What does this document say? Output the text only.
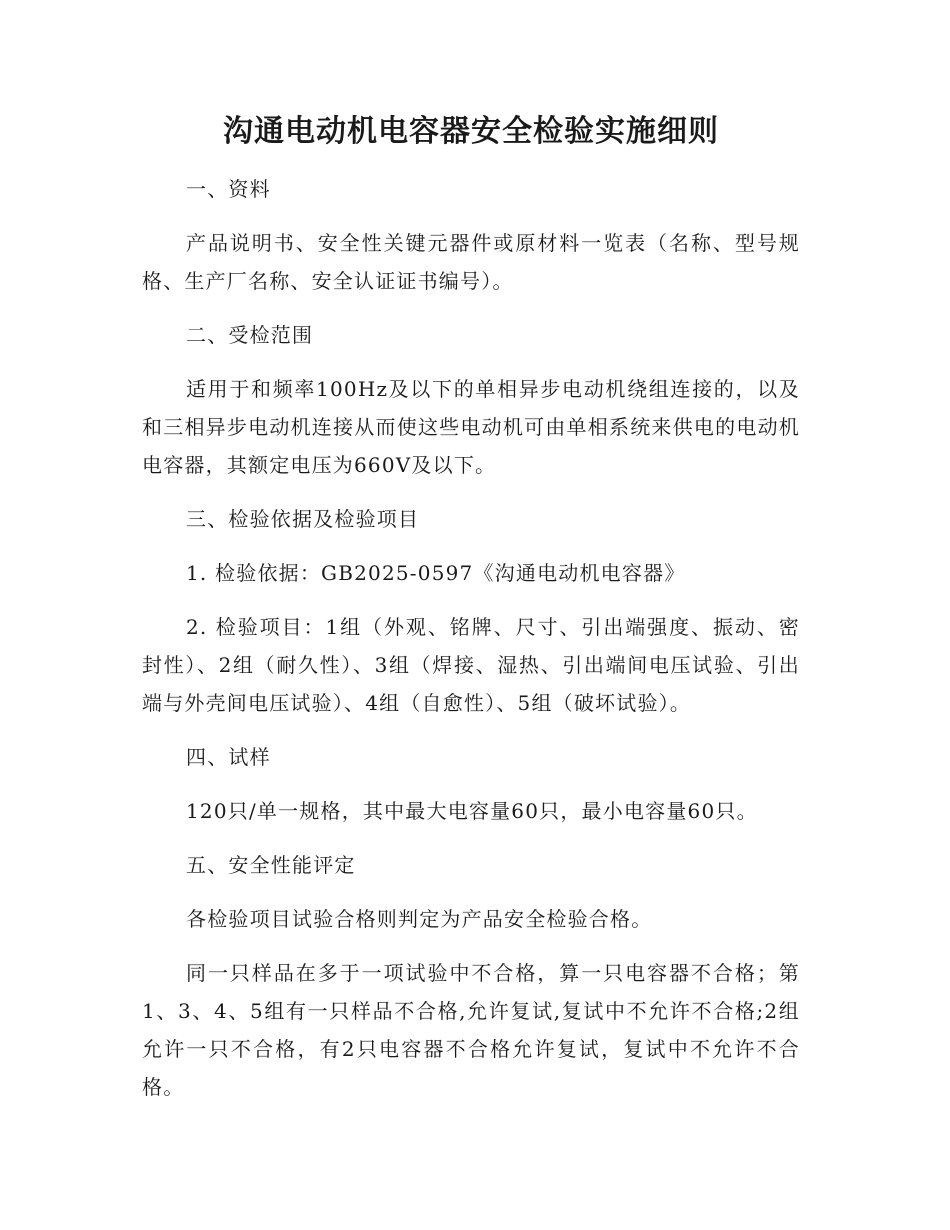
沟通电动机电容器安全检验实施细则

一、资料

产品说明书、安全性关键元器件或原材料一览表（名称、型号规格、生产厂名称、安全认证证书编号）。

二、受检范围

适用于和频率100Hz及以下的单相异步电动机绕组连接的，以及和三相异步电动机连接从而使这些电动机可由单相系统来供电的电动机电容器，其额定电压为660V及以下。

三、检验依据及检验项目

1. 检验依据：GB2025-0597《沟通电动机电容器》

2. 检验项目：1组（外观、铭牌、尺寸、引出端强度、振动、密封性）、2组（耐久性）、3组（焊接、湿热、引出端间电压试验、引出端与外壳间电压试验）、4组（自愈性）、5组（破坏试验）。

四、试样

120只/单一规格，其中最大电容量60只，最小电容量60只。

五、安全性能评定

各检验项目试验合格则判定为产品安全检验合格。

同一只样品在多于一项试验中不合格，算一只电容器不合格；第1、3、4、5组有一只样品不合格,允许复试,复试中不允许不合格;2组允许一只不合格，有2只电容器不合格允许复试，复试中不允许不合格。
